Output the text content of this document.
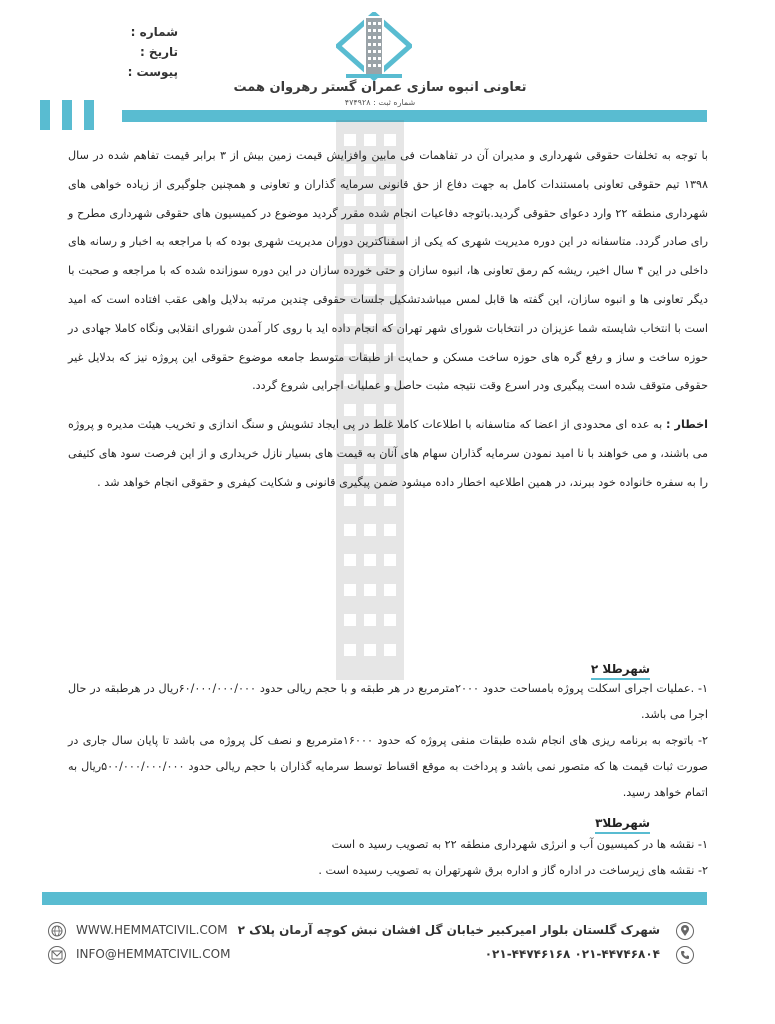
شماره :
تاریخ :
پیوست :
تعاونی انبوه سازی عمران گستر رهروان همت
شماره ثبت : ۴۷۴۹۲۸

با توجه به تخلفات حقوقی شهرداری و مدیران آن در تفاهمات فی مابین وافزایش قیمت زمین بیش از ۳ برابر قیمت تفاهم شده در سال ۱۳۹۸ تیم حقوقی تعاونی بامستندات کامل به جهت دفاع از حق قانونی سرمایه گذاران و تعاونی و همچنین جلوگیری از زیاده خواهی های شهرداری منطقه ۲۲ وارد دعوای حقوقی گردید.باتوجه دفاعیات انجام شده مقرر گردید موضوع در کمیسیون های حقوقی شهرداری مطرح و رای صادر گردد. متاسفانه در این دوره مدیریت شهری که یکی از اسفناکترین دوران مدیریت شهری بوده که با مراجعه به اخبار و رسانه های داخلی در این ۴ سال اخیر، ریشه کم رمق تعاونی ها، انبوه سازان و حتی خورده سازان در این دوره سوزانده شده که با مراجعه و صحبت با دیگر تعاونی ها و انبوه سازان، این گفته ها قابل لمس میباشدتشکیل جلسات حقوقی چندین مرتبه بدلایل واهی عقب افتاده است که امید است با انتخاب شایسته شما عزیزان در انتخابات شورای شهر تهران که انجام داده اید با روی کار آمدن شورای انقلابی ونگاه کاملا جهادی در حوزه ساخت و ساز و رفع گره های حوزه ساخت مسکن و حمایت از طبقات متوسط جامعه موضوع حقوقی این پروژه نیز که بدلایل غیر حقوقی متوقف شده است پیگیری ودر اسرع وقت نتیجه مثبت حاصل و عملیات اجرایی شروع گردد.

اخطار : به عده ای محدودی از اعضا که متاسفانه با اطلاعات کاملا غلط در پی ایجاد تشویش و سنگ اندازی و تخریب هیئت مدیره و پروژه می باشند، و می خواهند با نا امید نمودن سرمایه گذاران سهام های آنان به قیمت های بسیار نازل خریداری و از این فرصت سود های کثیفی را به سفره خانواده خود ببرند، در همین اطلاعیه اخطار داده میشود ضمن پیگیری قانونی و شکایت کیفری و حقوقی انجام خواهد شد .

شهرطلا ۲

۱- .عملیات اجرای اسکلت پروژه بامساحت حدود ۲۰۰۰مترمربع در هر طبقه و با حجم ریالی حدود ۶۰/۰۰۰/۰۰۰/۰۰۰ریال در هرطبقه در حال اجرا می باشد.

۲- باتوجه به برنامه ریزی های انجام شده طبقات منفی پروژه که حدود ۱۶۰۰۰مترمربع و نصف کل پروژه می باشد تا پایان سال جاری در صورت ثبات قیمت ها که متصور نمی باشد و پرداخت به موقع اقساط توسط سرمایه گذاران با حجم ریالی حدود ۵۰۰/۰۰۰/۰۰۰/۰۰۰ریال به اتمام خواهد رسید.

شهرطلا۳

۱- نقشه ها در کمیسیون آب و انرژی شهرداری منطقه ۲۲ به تصویب رسید ه است

۲- نقشه های زیرساخت در اداره گاز و اداره برق شهرتهران به تصویب رسیده است .

WWW.HEMMATCIVIL.COM
INFO@HEMMATCIVIL.COM
شهرک گلستان بلوار امیرکبیر خیابان گل افشان نبش کوچه آرمان پلاک ۲
۰۲۱-۴۴۷۴۶۸۰۴ ۰۲۱-۴۴۷۴۶۱۶۸
